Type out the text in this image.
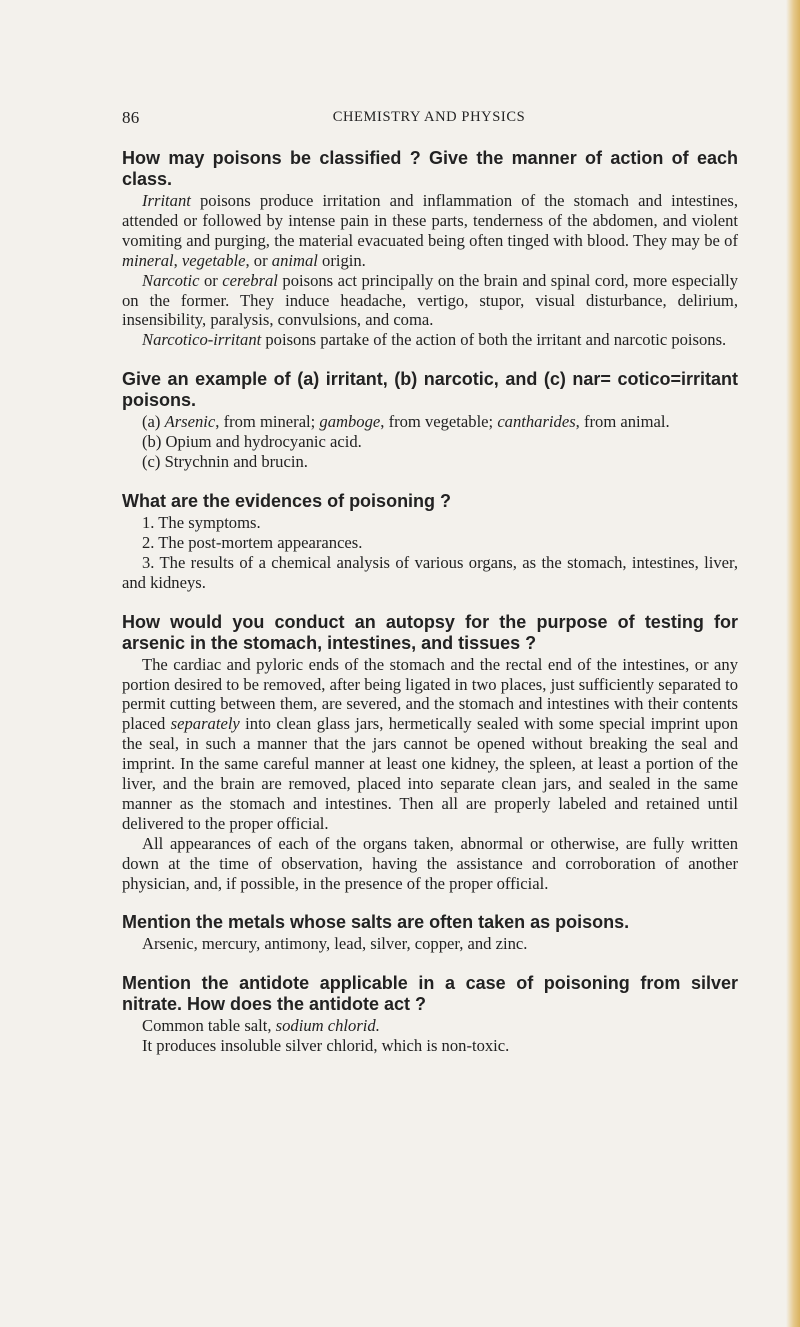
86	CHEMISTRY AND PHYSICS

How may poisons be classified ? Give the manner of action of each class.

Irritant poisons produce irritation and inflammation of the stomach and intestines, attended or followed by intense pain in these parts, tenderness of the abdomen, and violent vomiting and purging, the material evacuated being often tinged with blood. They may be of mineral, vegetable, or animal origin.

Narcotic or cerebral poisons act principally on the brain and spinal cord, more especially on the former. They induce headache, vertigo, stupor, visual disturbance, delirium, insensibility, paralysis, convulsions, and coma.

Narcotico-irritant poisons partake of the action of both the irritant and narcotic poisons.

Give an example of (a) irritant, (b) narcotic, and (c) nar= cotico=irritant poisons.

(a) Arsenic, from mineral; gamboge, from vegetable; cantharides, from animal.

(b) Opium and hydrocyanic acid.

(c) Strychnin and brucin.

What are the evidences of poisoning ?

1. The symptoms.

2. The post-mortem appearances.

3. The results of a chemical analysis of various organs, as the stomach, intestines, liver, and kidneys.

How would you conduct an autopsy for the purpose of testing for arsenic in the stomach, intestines, and tissues ?

The cardiac and pyloric ends of the stomach and the rectal end of the intestines, or any portion desired to be removed, after being ligated in two places, just sufficiently separated to permit cutting between them, are severed, and the stomach and intestines with their contents placed separately into clean glass jars, hermetically sealed with some special imprint upon the seal, in such a manner that the jars cannot be opened without breaking the seal and imprint. In the same careful manner at least one kidney, the spleen, at least a portion of the liver, and the brain are removed, placed into separate clean jars, and sealed in the same manner as the stomach and intestines. Then all are properly labeled and retained until delivered to the proper official.

All appearances of each of the organs taken, abnormal or otherwise, are fully written down at the time of observation, having the assistance and corroboration of another physician, and, if possible, in the presence of the proper official.

Mention the metals whose salts are often taken as poisons.

Arsenic, mercury, antimony, lead, silver, copper, and zinc.

Mention the antidote applicable in a case of poisoning from silver nitrate. How does the antidote act ?

Common table salt, sodium chlorid.

It produces insoluble silver chlorid, which is non-toxic.
